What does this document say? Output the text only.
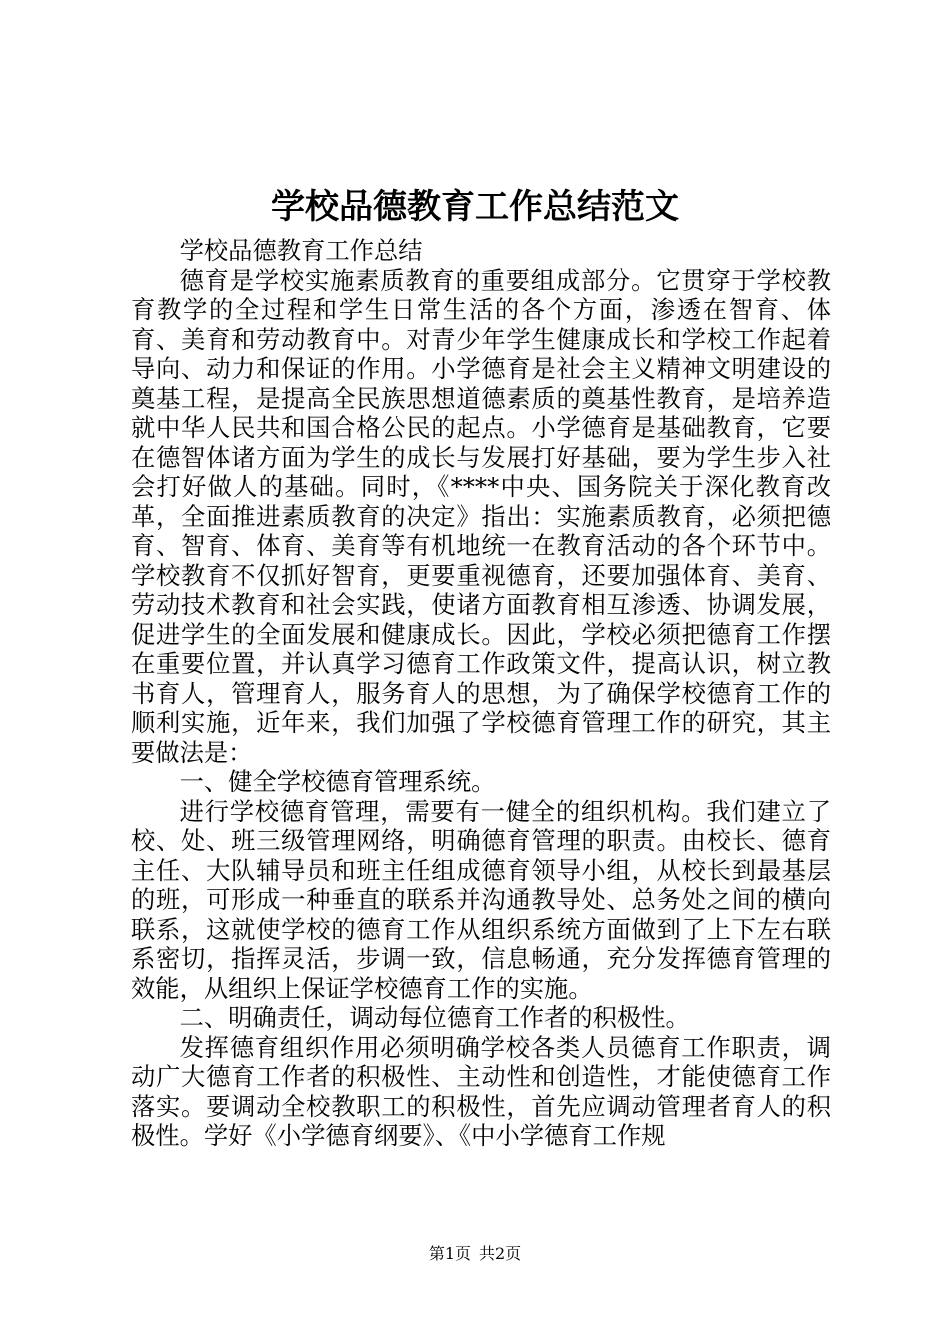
学校品德教育工作总结范文

学校品德教育工作总结

德育是学校实施素质教育的重要组成部分。它贯穿于学校教育教学的全过程和学生日常生活的各个方面，渗透在智育、体育、美育和劳动教育中。对青少年学生健康成长和学校工作起着导向、动力和保证的作用。小学德育是社会主义精神文明建设的奠基工程，是提高全民族思想道德素质的奠基性教育，是培养造就中华人民共和国合格公民的起点。小学德育是基础教育，它要在德智体诸方面为学生的成长与发展打好基础，要为学生步入社会打好做人的基础。同时，《****中央、国务院关于深化教育改革，全面推进素质教育的决定》指出：实施素质教育，必须把德育、智育、体育、美育等有机地统一在教育活动的各个环节中。学校教育不仅抓好智育，更要重视德育，还要加强体育、美育、劳动技术教育和社会实践，使诸方面教育相互渗透、协调发展，促进学生的全面发展和健康成长。因此，学校必须把德育工作摆在重要位置，并认真学习德育工作政策文件，提高认识，树立教书育人，管理育人，服务育人的思想，为了确保学校德育工作的顺利实施，近年来，我们加强了学校德育管理工作的研究，其主要做法是：

一、健全学校德育管理系统。

进行学校德育管理，需要有一健全的组织机构。我们建立了校、处、班三级管理网络，明确德育管理的职责。由校长、德育主任、大队辅导员和班主任组成德育领导小组，从校长到最基层的班，可形成一种垂直的联系并沟通教导处、总务处之间的横向联系，这就使学校的德育工作从组织系统方面做到了上下左右联系密切，指挥灵活，步调一致，信息畅通，充分发挥德育管理的效能，从组织上保证学校德育工作的实施。

二、明确责任，调动每位德育工作者的积极性。

发挥德育组织作用必须明确学校各类人员德育工作职责，调动广大德育工作者的积极性、主动性和创造性，才能使德育工作落实。要调动全校教职工的积极性，首先应调动管理者育人的积极性。学好《小学德育纲要》、《中小学德育工作规

第1页 共2页
